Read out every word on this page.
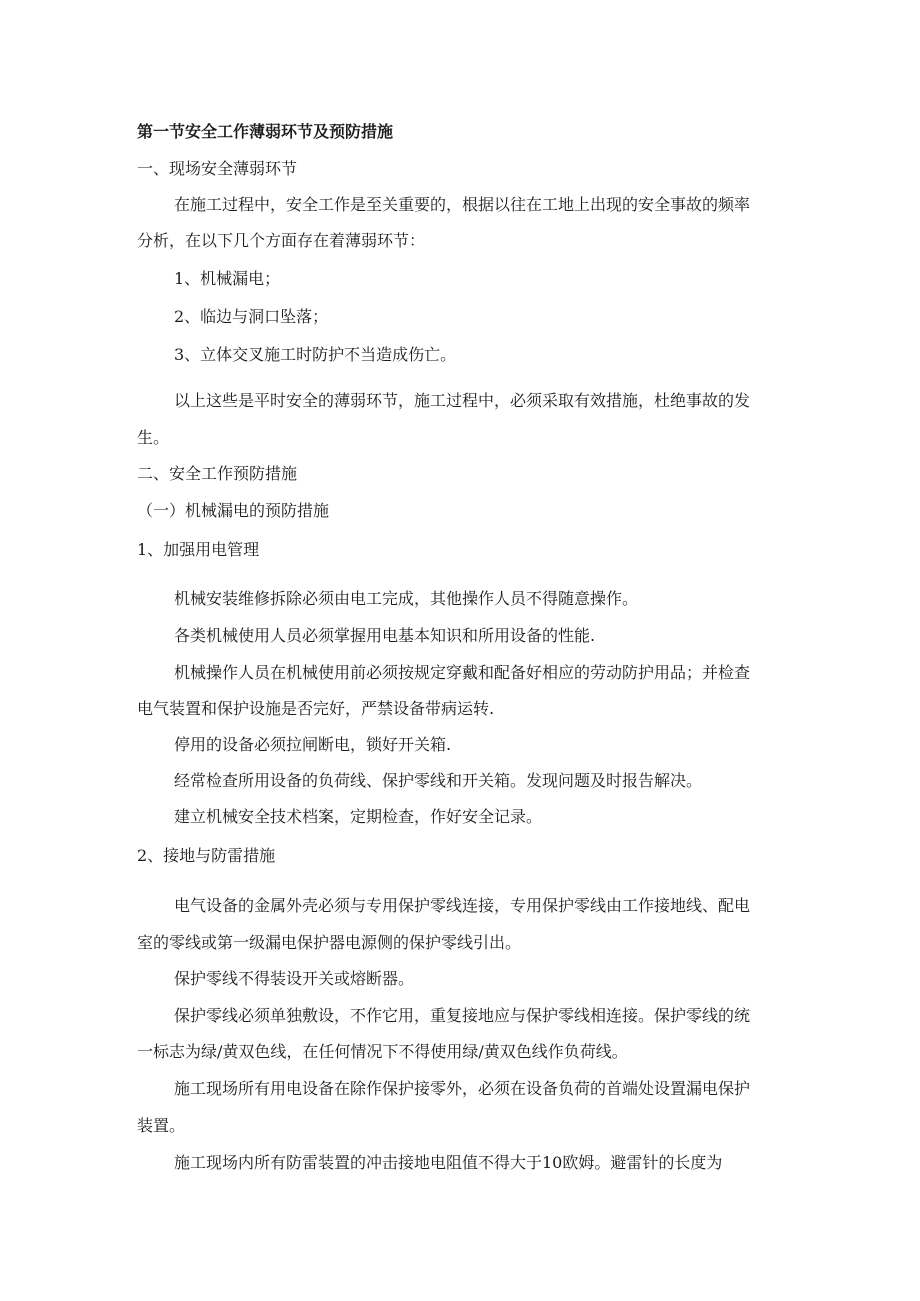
第一节安全工作薄弱环节及预防措施
一、现场安全薄弱环节
在施工过程中，安全工作是至关重要的，根据以往在工地上出现的安全事故的频率
分析，在以下几个方面存在着薄弱环节：
1、机械漏电；
2、临边与洞口坠落；
3、立体交叉施工时防护不当造成伤亡。
以上这些是平时安全的薄弱环节，施工过程中，必须采取有效措施，杜绝事故的发
生。
二、安全工作预防措施
（一）机械漏电的预防措施
1、加强用电管理
机械安装维修拆除必须由电工完成，其他操作人员不得随意操作。
各类机械使用人员必须掌握用电基本知识和所用设备的性能.
机械操作人员在机械使用前必须按规定穿戴和配备好相应的劳动防护用品；并检查
电气装置和保护设施是否完好，严禁设备带病运转.
停用的设备必须拉闸断电，锁好开关箱.
经常检查所用设备的负荷线、保护零线和开关箱。发现问题及时报告解决。
建立机械安全技术档案，定期检查，作好安全记录。
2、接地与防雷措施
电气设备的金属外壳必须与专用保护零线连接，专用保护零线由工作接地线、配电
室的零线或第一级漏电保护器电源侧的保护零线引出。
保护零线不得装设开关或熔断器。
保护零线必须单独敷设，不作它用，重复接地应与保护零线相连接。保护零线的统
一标志为绿/黄双色线，在任何情况下不得使用绿/黄双色线作负荷线。
施工现场所有用电设备在除作保护接零外，必须在设备负荷的首端处设置漏电保护
装置。
施工现场内所有防雷装置的冲击接地电阻值不得大于10欧姆。避雷针的长度为
